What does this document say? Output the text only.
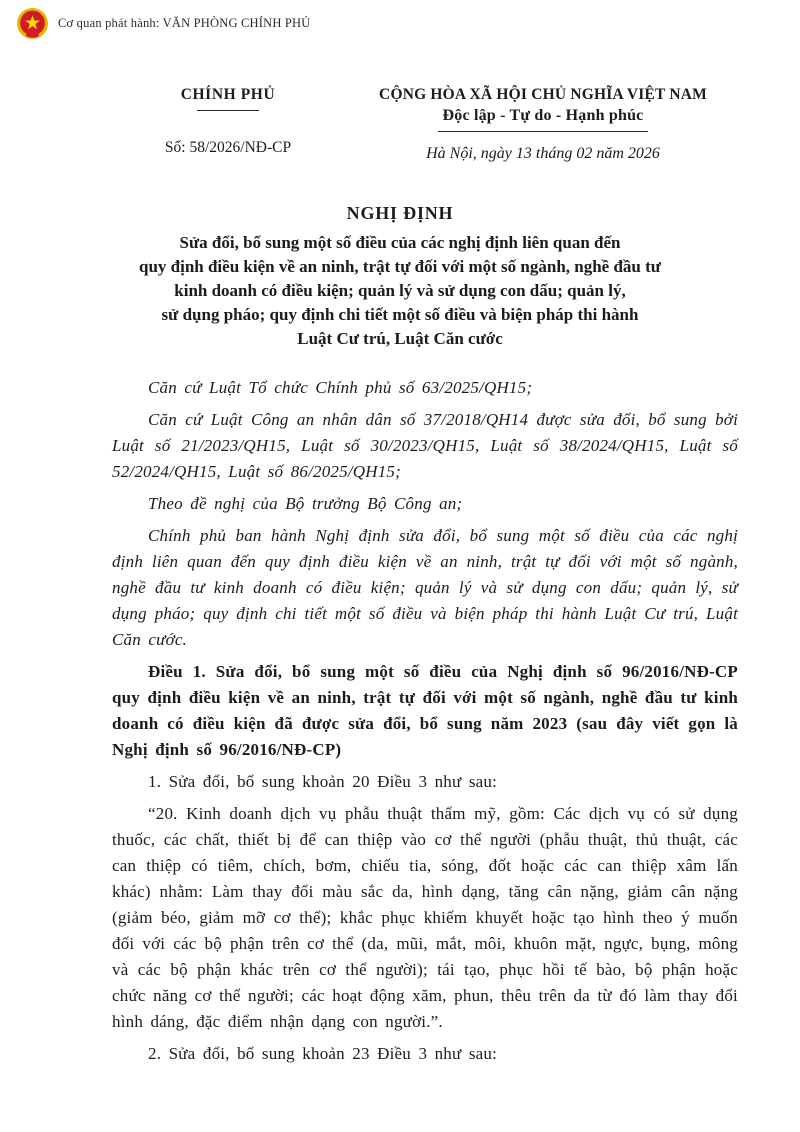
Cơ quan phát hành: VĂN PHÒNG CHÍNH PHỦ
CHÍNH PHỦ
Số: 58/2026/NĐ-CP
CỘNG HÒA XÃ HỘI CHỦ NGHĨA VIỆT NAM
Độc lập - Tự do - Hạnh phúc
Hà Nội, ngày 13 tháng 02 năm 2026
NGHỊ ĐỊNH
Sửa đổi, bổ sung một số điều của các nghị định liên quan đến
quy định điều kiện về an ninh, trật tự đối với một số ngành, nghề đầu tư
kinh doanh có điều kiện; quản lý và sử dụng con dấu; quản lý,
sử dụng pháo; quy định chi tiết một số điều và biện pháp thi hành
Luật Cư trú, Luật Căn cước

Căn cứ Luật Tổ chức Chính phủ số 63/2025/QH15;

Căn cứ Luật Công an nhân dân số 37/2018/QH14 được sửa đổi, bổ sung bởi Luật số 21/2023/QH15, Luật số 30/2023/QH15, Luật số 38/2024/QH15, Luật số 52/2024/QH15, Luật số 86/2025/QH15;

Theo đề nghị của Bộ trưởng Bộ Công an;

Chính phủ ban hành Nghị định sửa đổi, bổ sung một số điều của các nghị định liên quan đến quy định điều kiện về an ninh, trật tự đối với một số ngành, nghề đầu tư kinh doanh có điều kiện; quản lý và sử dụng con dấu; quản lý, sử dụng pháo; quy định chi tiết một số điều và biện pháp thi hành Luật Cư trú, Luật Căn cước.

Điều 1. Sửa đổi, bổ sung một số điều của Nghị định số 96/2016/NĐ-CP quy định điều kiện về an ninh, trật tự đối với một số ngành, nghề đầu tư kinh doanh có điều kiện đã được sửa đổi, bổ sung năm 2023 (sau đây viết gọn là Nghị định số 96/2016/NĐ-CP)

1. Sửa đổi, bổ sung khoản 20 Điều 3 như sau:

“20. Kinh doanh dịch vụ phẫu thuật thẩm mỹ, gồm: Các dịch vụ có sử dụng thuốc, các chất, thiết bị để can thiệp vào cơ thể người (phẫu thuật, thủ thuật, các can thiệp có tiêm, chích, bơm, chiếu tia, sóng, đốt hoặc các can thiệp xâm lấn khác) nhằm: Làm thay đổi màu sắc da, hình dạng, tăng cân nặng, giảm cân nặng (giảm béo, giảm mỡ cơ thể); khắc phục khiếm khuyết hoặc tạo hình theo ý muốn đối với các bộ phận trên cơ thể (da, mũi, mắt, môi, khuôn mặt, ngực, bụng, mông và các bộ phận khác trên cơ thể người); tái tạo, phục hồi tế bào, bộ phận hoặc chức năng cơ thể người; các hoạt động xăm, phun, thêu trên da từ đó làm thay đổi hình dáng, đặc điểm nhận dạng con người.”.

2. Sửa đổi, bổ sung khoản 23 Điều 3 như sau:
